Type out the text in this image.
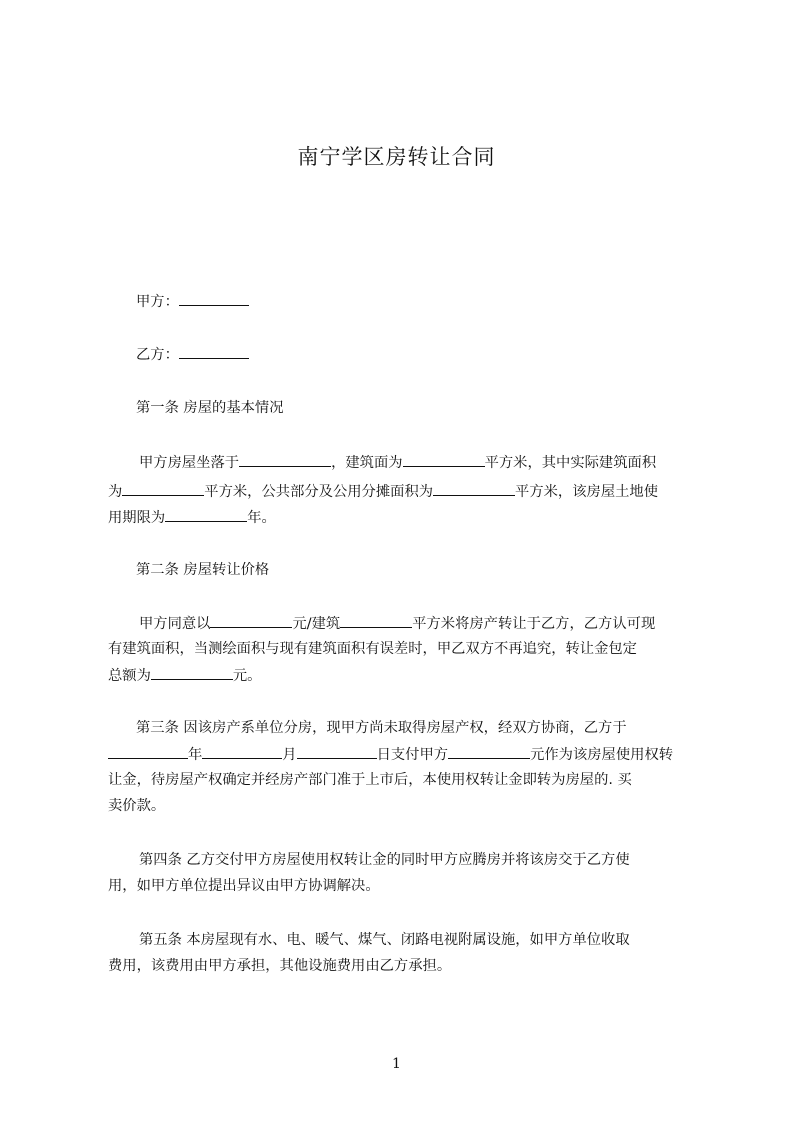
南宁学区房转让合同
甲方：
乙方：
第一条 房屋的基本情况
甲方房屋坐落于	，建筑面为	平方米，其中实际建筑面积
为	平方米，公共部分及公用分摊面积为	平方米，该房屋土地使
用期限为	年。
第二条 房屋转让价格
甲方同意以	元/建筑	平方米将房产转让于乙方，乙方认可现
有建筑面积，当测绘面积与现有建筑面积有误差时，甲乙双方不再追究，转让金包定
总额为	元。
第三条 因该房产系单位分房，现甲方尚未取得房屋产权，经双方协商，乙方于
年	月	日支付甲方	元作为该房屋使用权转
让金，待房屋产权确定并经房产部门准于上市后，本使用权转让金即转为房屋的. 买
卖价款。
第四条 乙方交付甲方房屋使用权转让金的同时甲方应腾房并将该房交于乙方使
用，如甲方单位提出异议由甲方协调解决。
第五条 本房屋现有水、电、暖气、煤气、闭路电视附属设施，如甲方单位收取
费用，该费用由甲方承担，其他设施费用由乙方承担。
1
